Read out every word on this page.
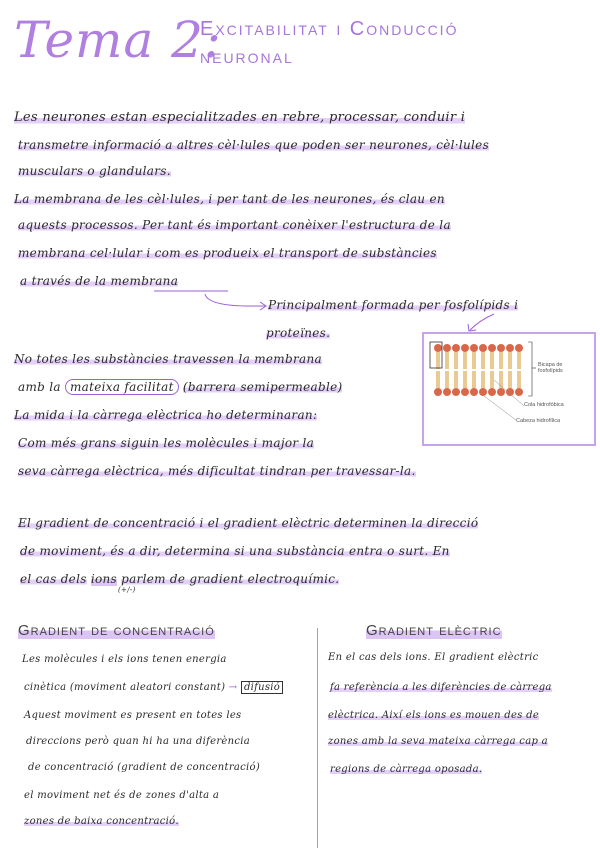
Tema 2:
Excitabilitat i Conducció
neuronal
Les neurones estan especialitzades en rebre, processar, conduir i
transmetre informació a altres cèl·lules que poden ser neurones, cèl·lules
musculars o glandulars.
La membrana de les cèl·lules, i per tant de les neurones, és clau en
aquests processos. Per tant és important conèixer l'estructura de la
membrana cel·lular i com es produeix el transport de substàncies
a través de la membrana
Principalment formada per fosfolípids i
proteïnes.
No totes les substàncies travessen la membrana
amb la mateixa facilitat (barrera semipermeable)
La mida i la càrrega elèctrica ho determinaran:
Com més grans siguin les molècules i major la
seva càrrega elèctrica, més dificultat tindran per travessar-la.
Bicapa de fosfolípids
Cola hidrofóbica
Cabeza hidrofílica
El gradient de concentració i el gradient elèctric determinen la direcció
de moviment, és a dir, determina si una substància entra o surt. En
el cas dels ions parlem de gradient electroquímic.
(+/-)
Gradient de concentració
Les molècules i els ions tenen energia
cinètica (moviment aleatori constant) → difusió
Aquest moviment es present en totes les
direccions però quan hi ha una diferència
de concentració (gradient de concentració)
el moviment net és de zones d'alta a
zones de baixa concentració.
Gradient elèctric
En el cas dels ions. El gradient elèctric
fa referència a les diferències de càrrega
elèctrica. Així els ions es mouen des de
zones amb la seva mateixa càrrega cap a
regions de càrrega oposada.
